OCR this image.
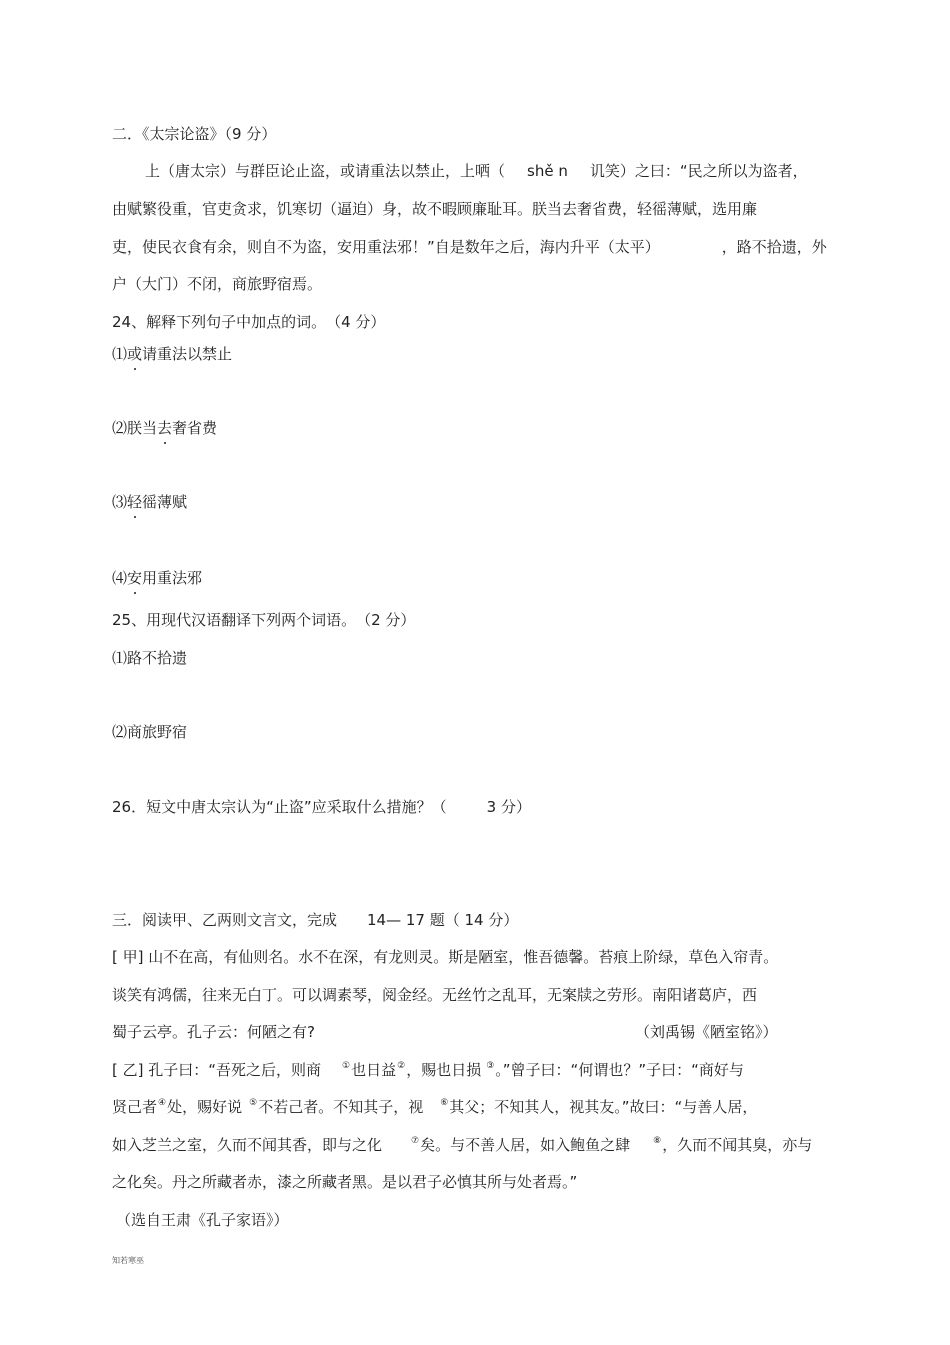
二．《太宗论盗》（9 分）
上（唐太宗）与群臣论止盗，或请重法以禁止，上哂（ shě n 讥笑）之曰：“民之所以为盗者，
由赋繁役重，官吏贪求，饥寒切（逼迫）身，故不暇顾廉耻耳。朕当去奢省费，轻徭薄赋，选用廉
吏，使民衣食有余，则自不为盗，安用重法邪！”自是数年之后，海内升平（太平）	，路不拾遗，外
户（大门）不闭，商旅野宿焉。
24、解释下列句子中加点的词。　（4 分）
⑴或请重法以禁止
⑵朕当去奢省费
⑶轻徭薄赋
⑷安用重法邪
25、用现代汉语翻译下列两个词语。　（2 分）
⑴路不拾遗
⑵商旅野宿
26．短文中唐太宗认为“止盗”应采取什么措施？（	3 分）
三．阅读甲、乙两则文言文，完成 14— 17 题（ 14 分）
[ 甲] 山不在高，有仙则名。水不在深，有龙则灵。斯是陋室，惟吾德馨。苔痕上阶绿，草色入帘青。
谈笑有鸿儒，往来无白丁。可以调素琴，阅金经。无丝竹之乱耳，无案牍之劳形。南阳诸葛庐，西
蜀子云亭。孔子云：何陋之有?	（刘禹锡《陋室铭》）
[ 乙] 孔子曰：“吾死之后，则商 ①也日益②，赐也日损 ③。”曾子曰：“何谓也？”子曰：“商好与
贤己者④处，赐好说 ⑤不若己者。不知其子，视 ⑥其父；不知其人，视其友。”故曰：“与善人居，
如入芝兰之室，久而不闻其香，即与之化	⑦矣。与不善人居，如入鲍鱼之肆	⑧，久而不闻其臭，亦与
之化矣。丹之所藏者赤，漆之所藏者黑。是以君子必慎其所与处者焉。”
（选自王肃《孔子家语》）
知若寒巫
